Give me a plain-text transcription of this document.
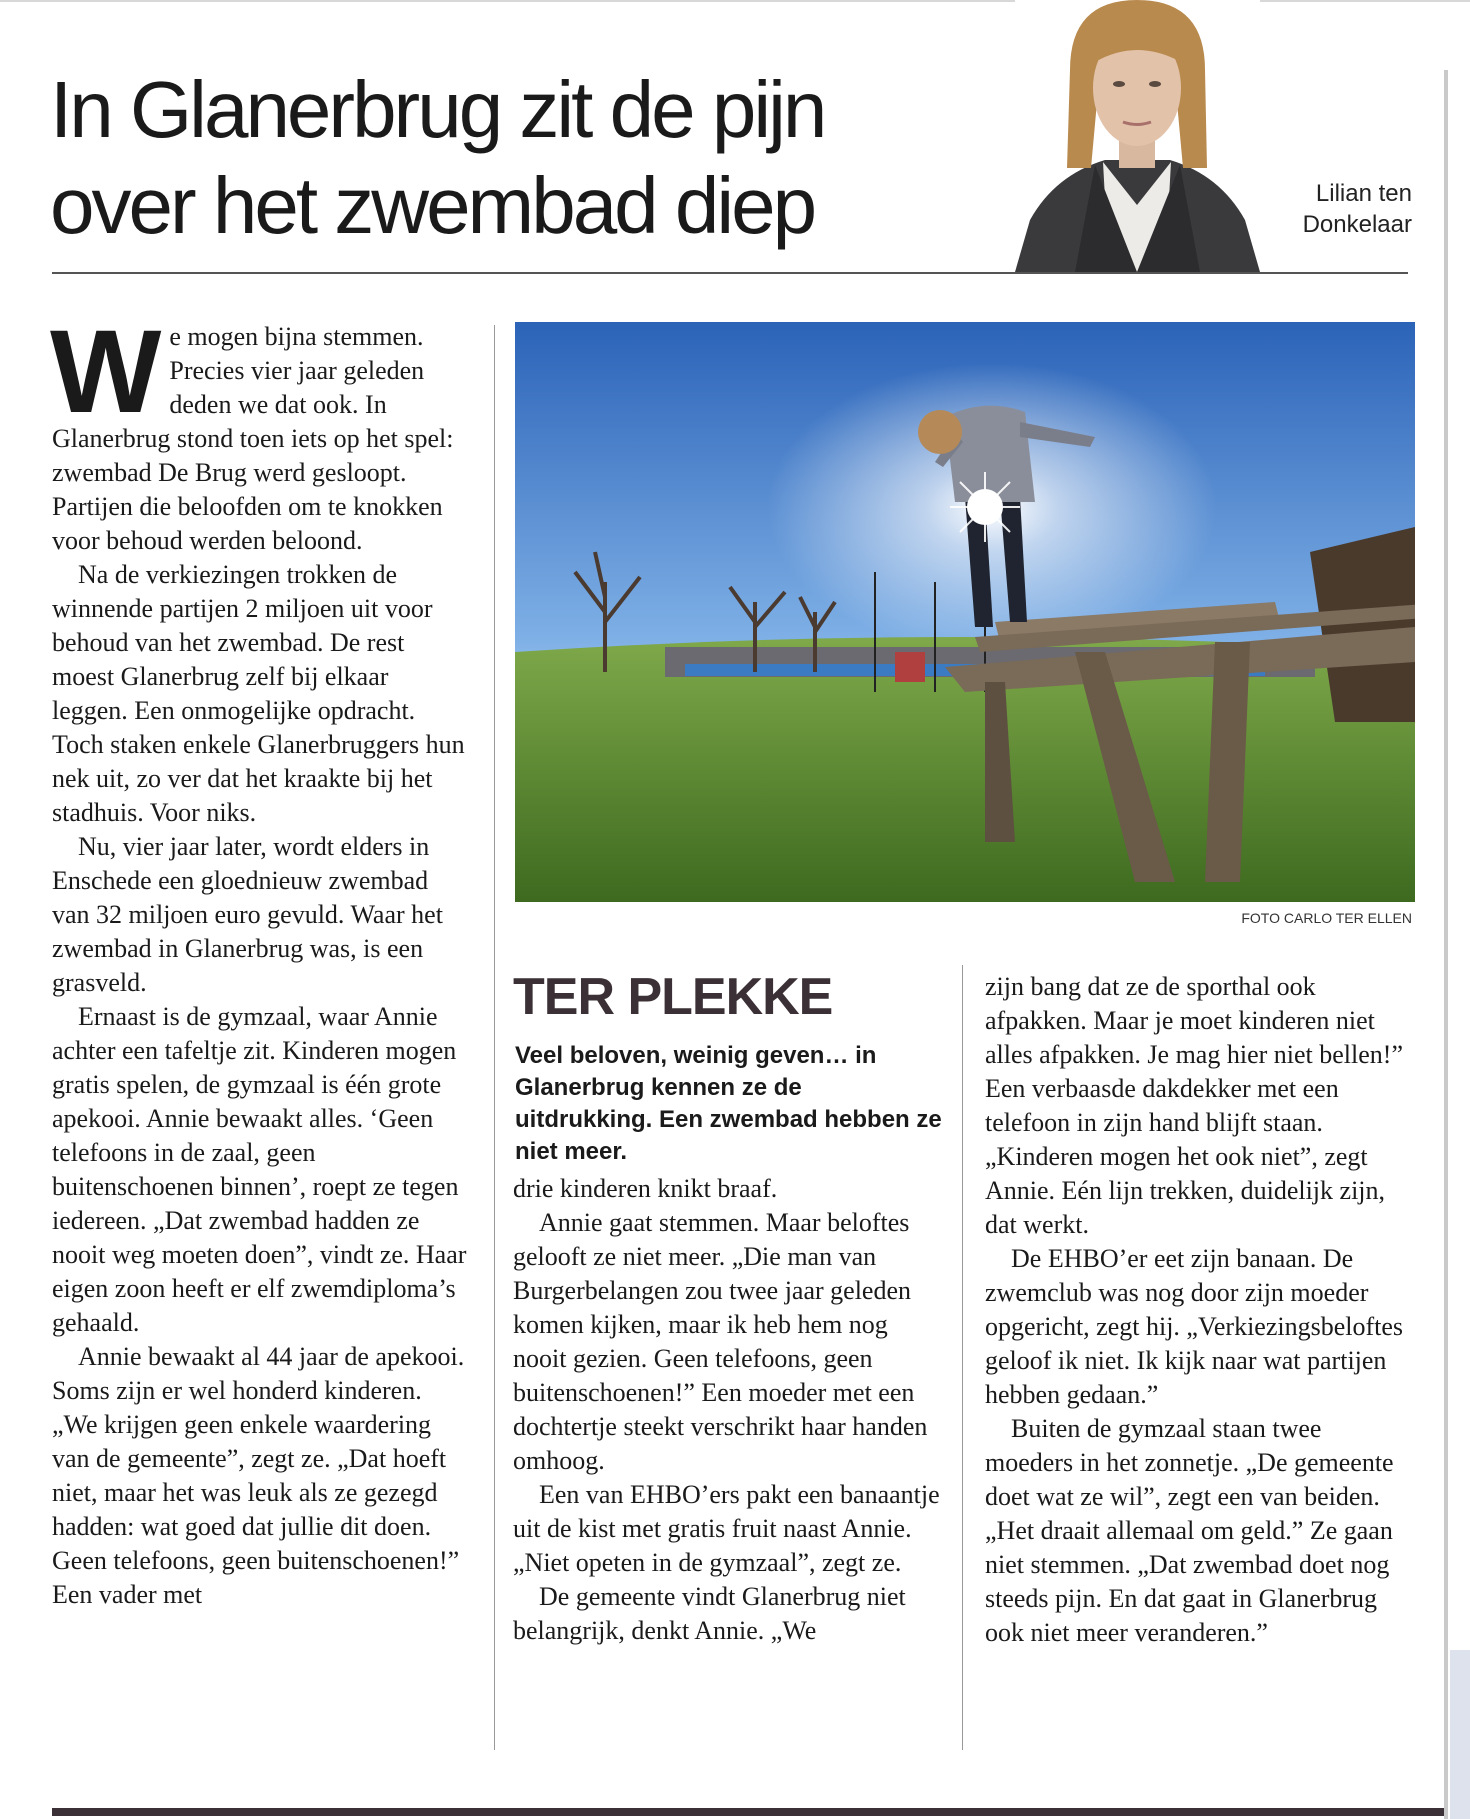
In Glanerbrug zit de pijn
over het zwembad diep	Lilian ten
Donkelaar

We mogen bijna stemmen. Precies vier jaar geleden deden we dat ook. In Glanerbrug stond toen iets op het spel: zwembad De Brug werd gesloopt. Partijen die beloofden om te knokken voor behoud werden beloond.

Na de verkiezingen trokken de winnende partijen 2 miljoen uit voor behoud van het zwembad. De rest moest Glanerbrug zelf bij elkaar leggen. Een onmogelijke opdracht. Toch staken enkele Glanerbruggers hun nek uit, zo ver dat het kraakte bij het stadhuis. Voor niks.

Nu, vier jaar later, wordt elders in Enschede een gloednieuw zwembad van 32 miljoen euro gevuld. Waar het zwembad in Glanerbrug was, is een grasveld.

Ernaast is de gymzaal, waar Annie achter een tafeltje zit. Kinderen mogen gratis spelen, de gymzaal is één grote apekooi. Annie bewaakt alles. ‘Geen telefoons in de zaal, geen buitenschoenen binnen’, roept ze tegen iedereen. „Dat zwembad hadden ze nooit weg moeten doen”, vindt ze. Haar eigen zoon heeft er elf zwemdiploma’s gehaald.

Annie bewaakt al 44 jaar de apekooi. Soms zijn er wel honderd kinderen. „We krijgen geen enkele waardering van de gemeente”, zegt ze. „Dat hoeft niet, maar het was leuk als ze gezegd hadden: wat goed dat jullie dit doen. Geen telefoons, geen buitenschoenen!” Een vader met

FOTO CARLO TER ELLEN
TER PLEKKE

Veel beloven, weinig geven… in Glanerbrug kennen ze de uitdrukking. Een zwembad hebben ze niet meer.

drie kinderen knikt braaf.

Annie gaat stemmen. Maar beloftes gelooft ze niet meer. „Die man van Burgerbelangen zou twee jaar geleden komen kijken, maar ik heb hem nog nooit gezien. Geen telefoons, geen buitenschoenen!” Een moeder met een dochtertje steekt verschrikt haar handen omhoog.

Een van EHBO’ers pakt een banaantje uit de kist met gratis fruit naast Annie. „Niet opeten in de gymzaal”, zegt ze.

De gemeente vindt Glanerbrug niet belangrijk, denkt Annie. „We

zijn bang dat ze de sporthal ook afpakken. Maar je moet kinderen niet alles afpakken. Je mag hier niet bellen!” Een verbaasde dakdekker met een telefoon in zijn hand blijft staan. „Kinderen mogen het ook niet”, zegt Annie. Eén lijn trekken, duidelijk zijn, dat werkt.

De EHBO’er eet zijn banaan. De zwemclub was nog door zijn moeder opgericht, zegt hij. „Verkiezingsbeloftes geloof ik niet. Ik kijk naar wat partijen hebben gedaan.”

Buiten de gymzaal staan twee moeders in het zonnetje. „De gemeente doet wat ze wil”, zegt een van beiden. „Het draait allemaal om geld.” Ze gaan niet stemmen. „Dat zwembad doet nog steeds pijn. En dat gaat in Glanerbrug ook niet meer veranderen.”
